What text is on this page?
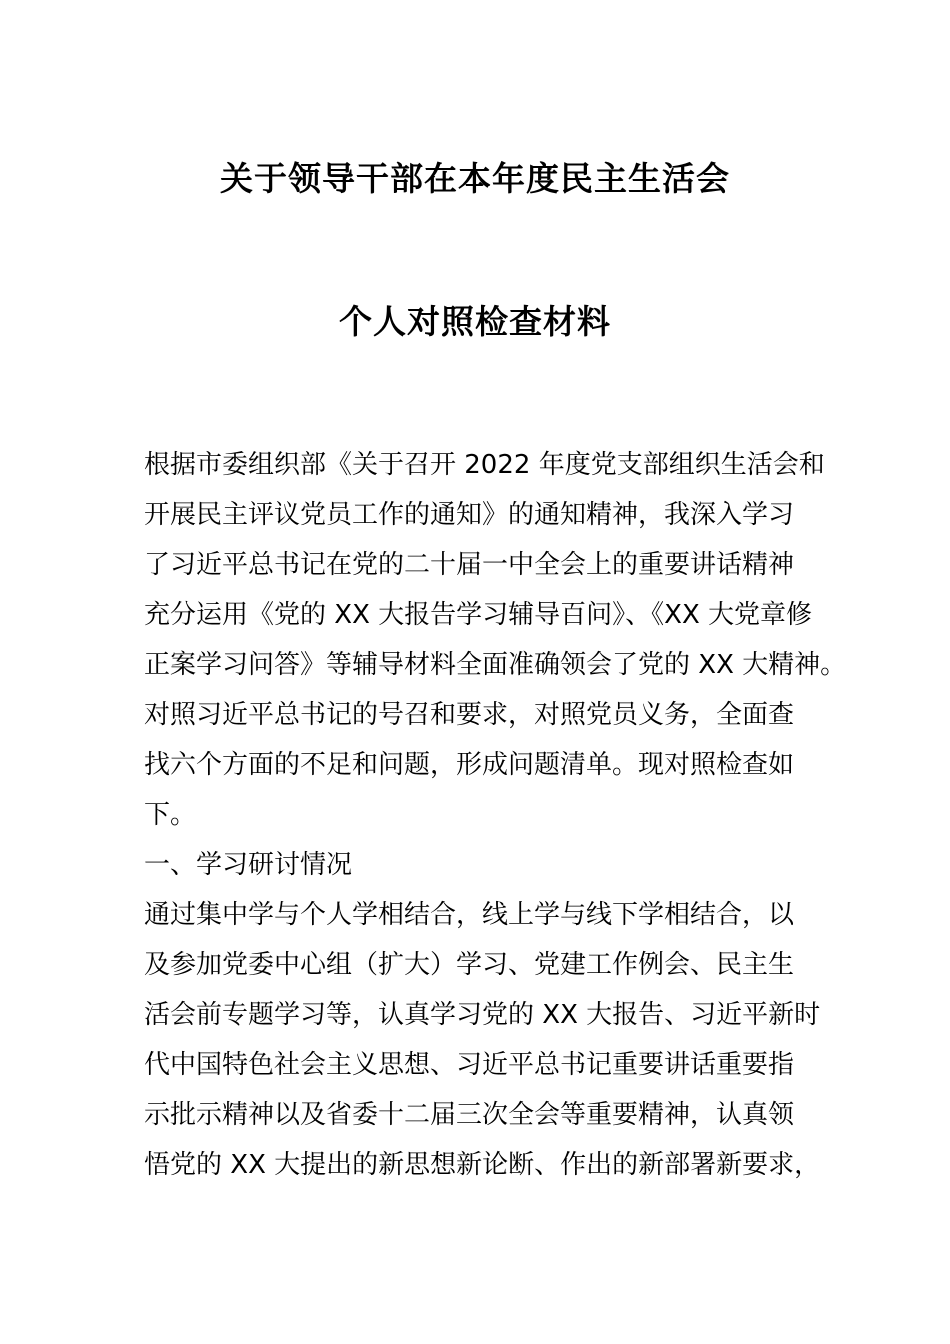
关于领导干部在本年度民主生活会
个人对照检查材料
根据市委组织部《关于召开 2022 年度党支部组织生活会和
开展民主评议党员工作的通知》的通知精神，我深入学习
了习近平总书记在党的二十届一中全会上的重要讲话精神
充分运用《党的 XX 大报告学习辅导百问》、《XX 大党章修
正案学习问答》等辅导材料全面准确领会了党的 XX 大精神。
对照习近平总书记的号召和要求，对照党员义务，全面查
找六个方面的不足和问题，形成问题清单。现对照检查如
下。
一、学习研讨情况
通过集中学与个人学相结合，线上学与线下学相结合，以
及参加党委中心组（扩大）学习、党建工作例会、民主生
活会前专题学习等，认真学习党的 XX 大报告、习近平新时
代中国特色社会主义思想、习近平总书记重要讲话重要指
示批示精神以及省委十二届三次全会等重要精神，认真领
悟党的 XX 大提出的新思想新论断、作出的新部署新要求，
